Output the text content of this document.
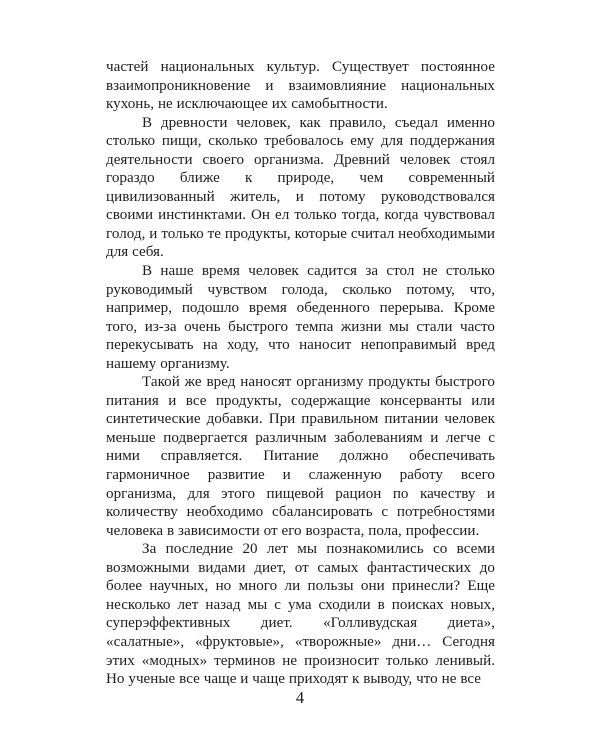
частей национальных культур. Существует постоянное взаимопроникновение и взаимовлияние национальных кухонь, не исключающее их самобытности.

В древности человек, как правило, съедал именно столько пищи, сколько требовалось ему для поддержания деятельности своего организма. Древний человек стоял гораздо ближе к природе, чем современный цивилизованный житель, и потому руководствовался своими инстинктами. Он ел только тогда, когда чувствовал голод, и только те продукты, которые считал необходимыми для себя.

В наше время человек садится за стол не столько руководимый чувством голода, сколько потому, что, например, подошло время обеденного перерыва. Кроме того, из-за очень быстрого темпа жизни мы стали часто перекусывать на ходу, что наносит непоправимый вред нашему организму.

Такой же вред наносят организму продукты быстрого питания и все продукты, содержащие консерванты или синтетические добавки. При правильном питании человек меньше подвергается различным заболеваниям и легче с ними справляется. Питание должно обеспечивать гармоничное развитие и слаженную работу всего организма, для этого пищевой рацион по качеству и количеству необходимо сбалансировать с потребностями человека в зависимости от его возраста, пола, профессии.

За последние 20 лет мы познакомились со всеми возможными видами диет, от самых фантастических до более научных, но много ли пользы они принесли? Еще несколько лет назад мы с ума сходили в поисках новых, суперэффективных диет. «Голливудская диета», «салатные», «фруктовые», «творожные» дни… Сегодня этих «модных» терминов не произносит только ленивый. Но ученые все чаще и чаще приходят к выводу, что не все

4
